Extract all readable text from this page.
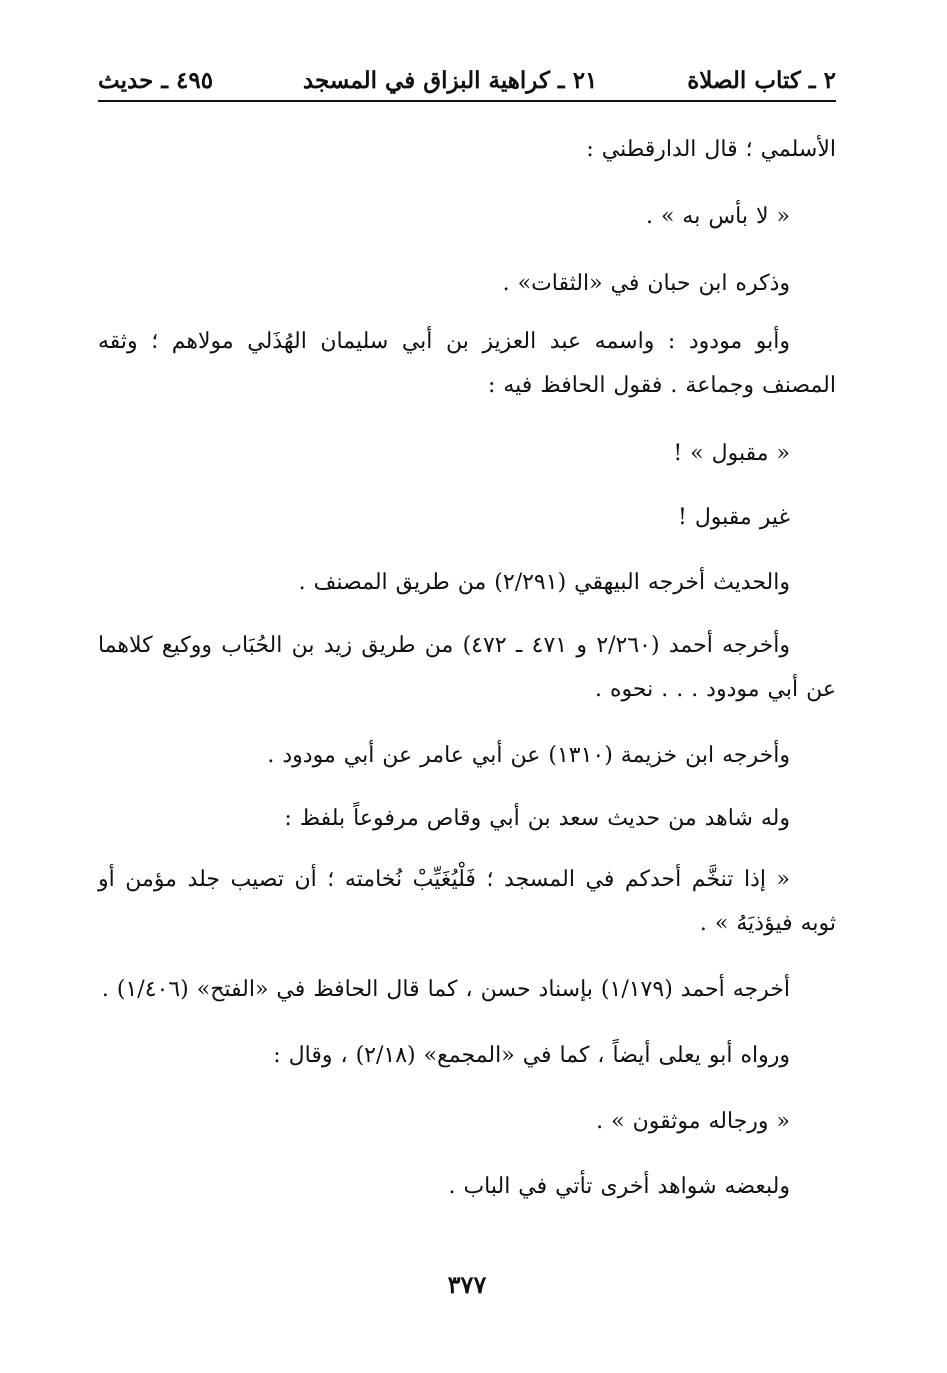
٢ ـ كتاب الصلاة
٢١ ـ كراهية البزاق في المسجد
٤٩٥ ـ حديث
الأسلمي ؛ قال الدارقطني :
« لا بأس به » .
وذكره ابن حبان في «الثقات» .
وأبو مودود : واسمه عبد العزيز بن أبي سليمان الهُذَلي مولاهم ؛ وثقه المصنف وجماعة . فقول الحافظ فيه :
« مقبول » !
غير مقبول !
والحديث أخرجه البيهقي (٢/٢٩١) من طريق المصنف .
وأخرجه أحمد (٢/٢٦٠ و ٤٧١ ـ ٤٧٢) من طريق زيد بن الحُبَاب ووكيع كلاهما عن أبي مودود . . . نحوه .
وأخرجه ابن خزيمة (١٣١٠) عن أبي عامر عن أبي مودود .
وله شاهد من حديث سعد بن أبي وقاص مرفوعاً بلفظ :
« إذا تنخَّم أحدكم في المسجد ؛ فَلْيُغَيِّبْ نُخامته ؛ أن تصيب جلد مؤمن أو ثوبه فيؤذيَهُ » .
أخرجه أحمد (١/١٧٩) بإسناد حسن ، كما قال الحافظ في «الفتح» (١/٤٠٦) .
ورواه أبو يعلى أيضاً ، كما في «المجمع» (٢/١٨) ، وقال :
« ورجاله موثقون » .
ولبعضه شواهد أخرى تأتي في الباب .
٣٧٧
